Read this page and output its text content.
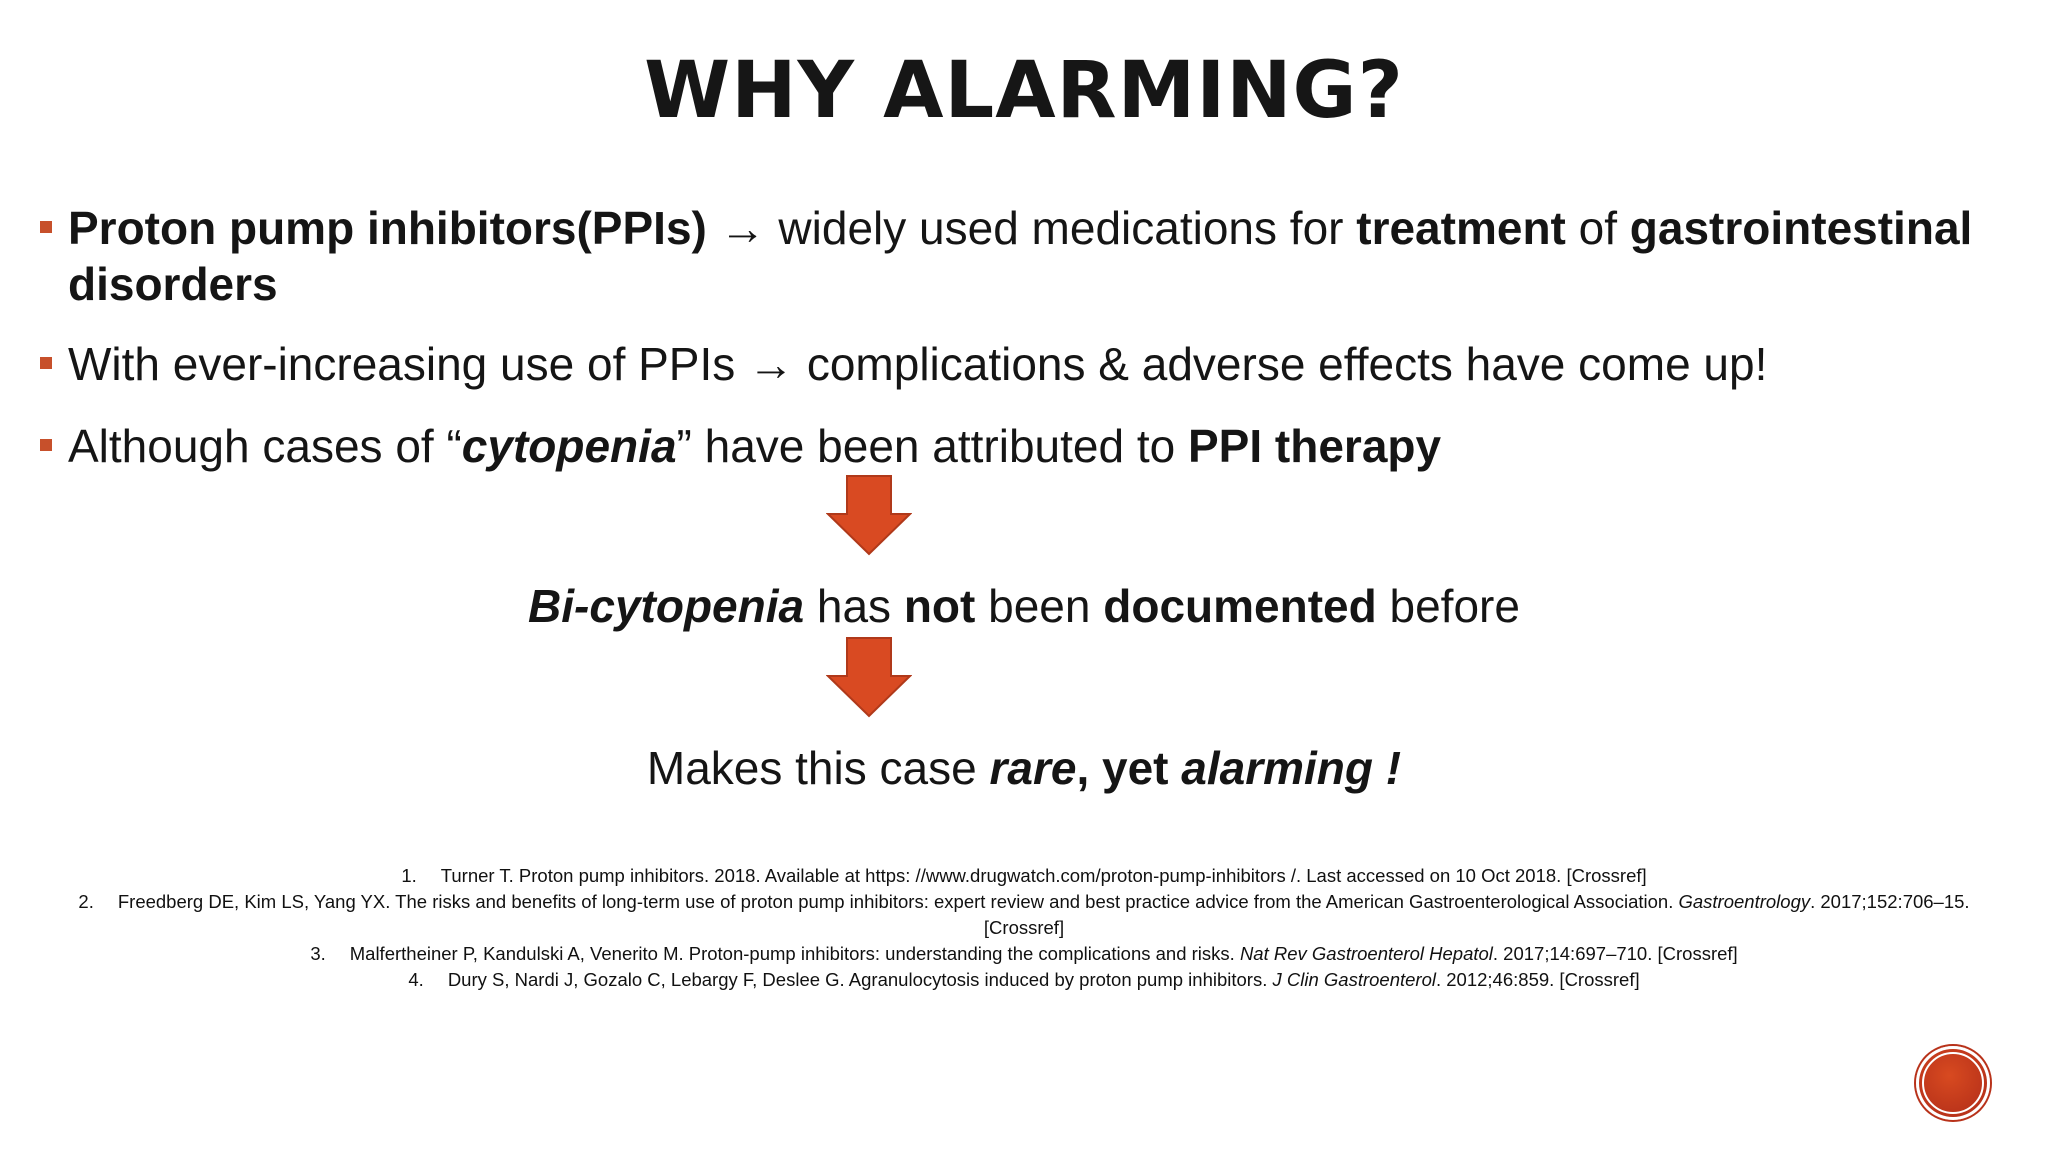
WHY ALARMING?
Proton pump inhibitors(PPIs) → widely used medications for treatment of gastrointestinal disorders
With ever-increasing use of PPIs → complications & adverse effects have come up!
Although cases of “cytopenia” have been attributed to PPI therapy
Bi-cytopenia has not been documented before
Makes this case rare, yet alarming !
1. Turner T. Proton pump inhibitors. 2018. Available at https: //www.drugwatch.com/proton-pump-inhibitors /. Last accessed on 10 Oct 2018. [Crossref]
2. Freedberg DE, Kim LS, Yang YX. The risks and benefits of long-term use of proton pump inhibitors: expert review and best practice advice from the American Gastroenterological Association. Gastroentrology. 2017;152:706–15. [Crossref]
3. Malfertheiner P, Kandulski A, Venerito M. Proton-pump inhibitors: understanding the complications and risks. Nat Rev Gastroenterol Hepatol. 2017;14:697–710. [Crossref]
4. Dury S, Nardi J, Gozalo C, Lebargy F, Deslee G. Agranulocytosis induced by proton pump inhibitors. J Clin Gastroenterol. 2012;46:859. [Crossref]
